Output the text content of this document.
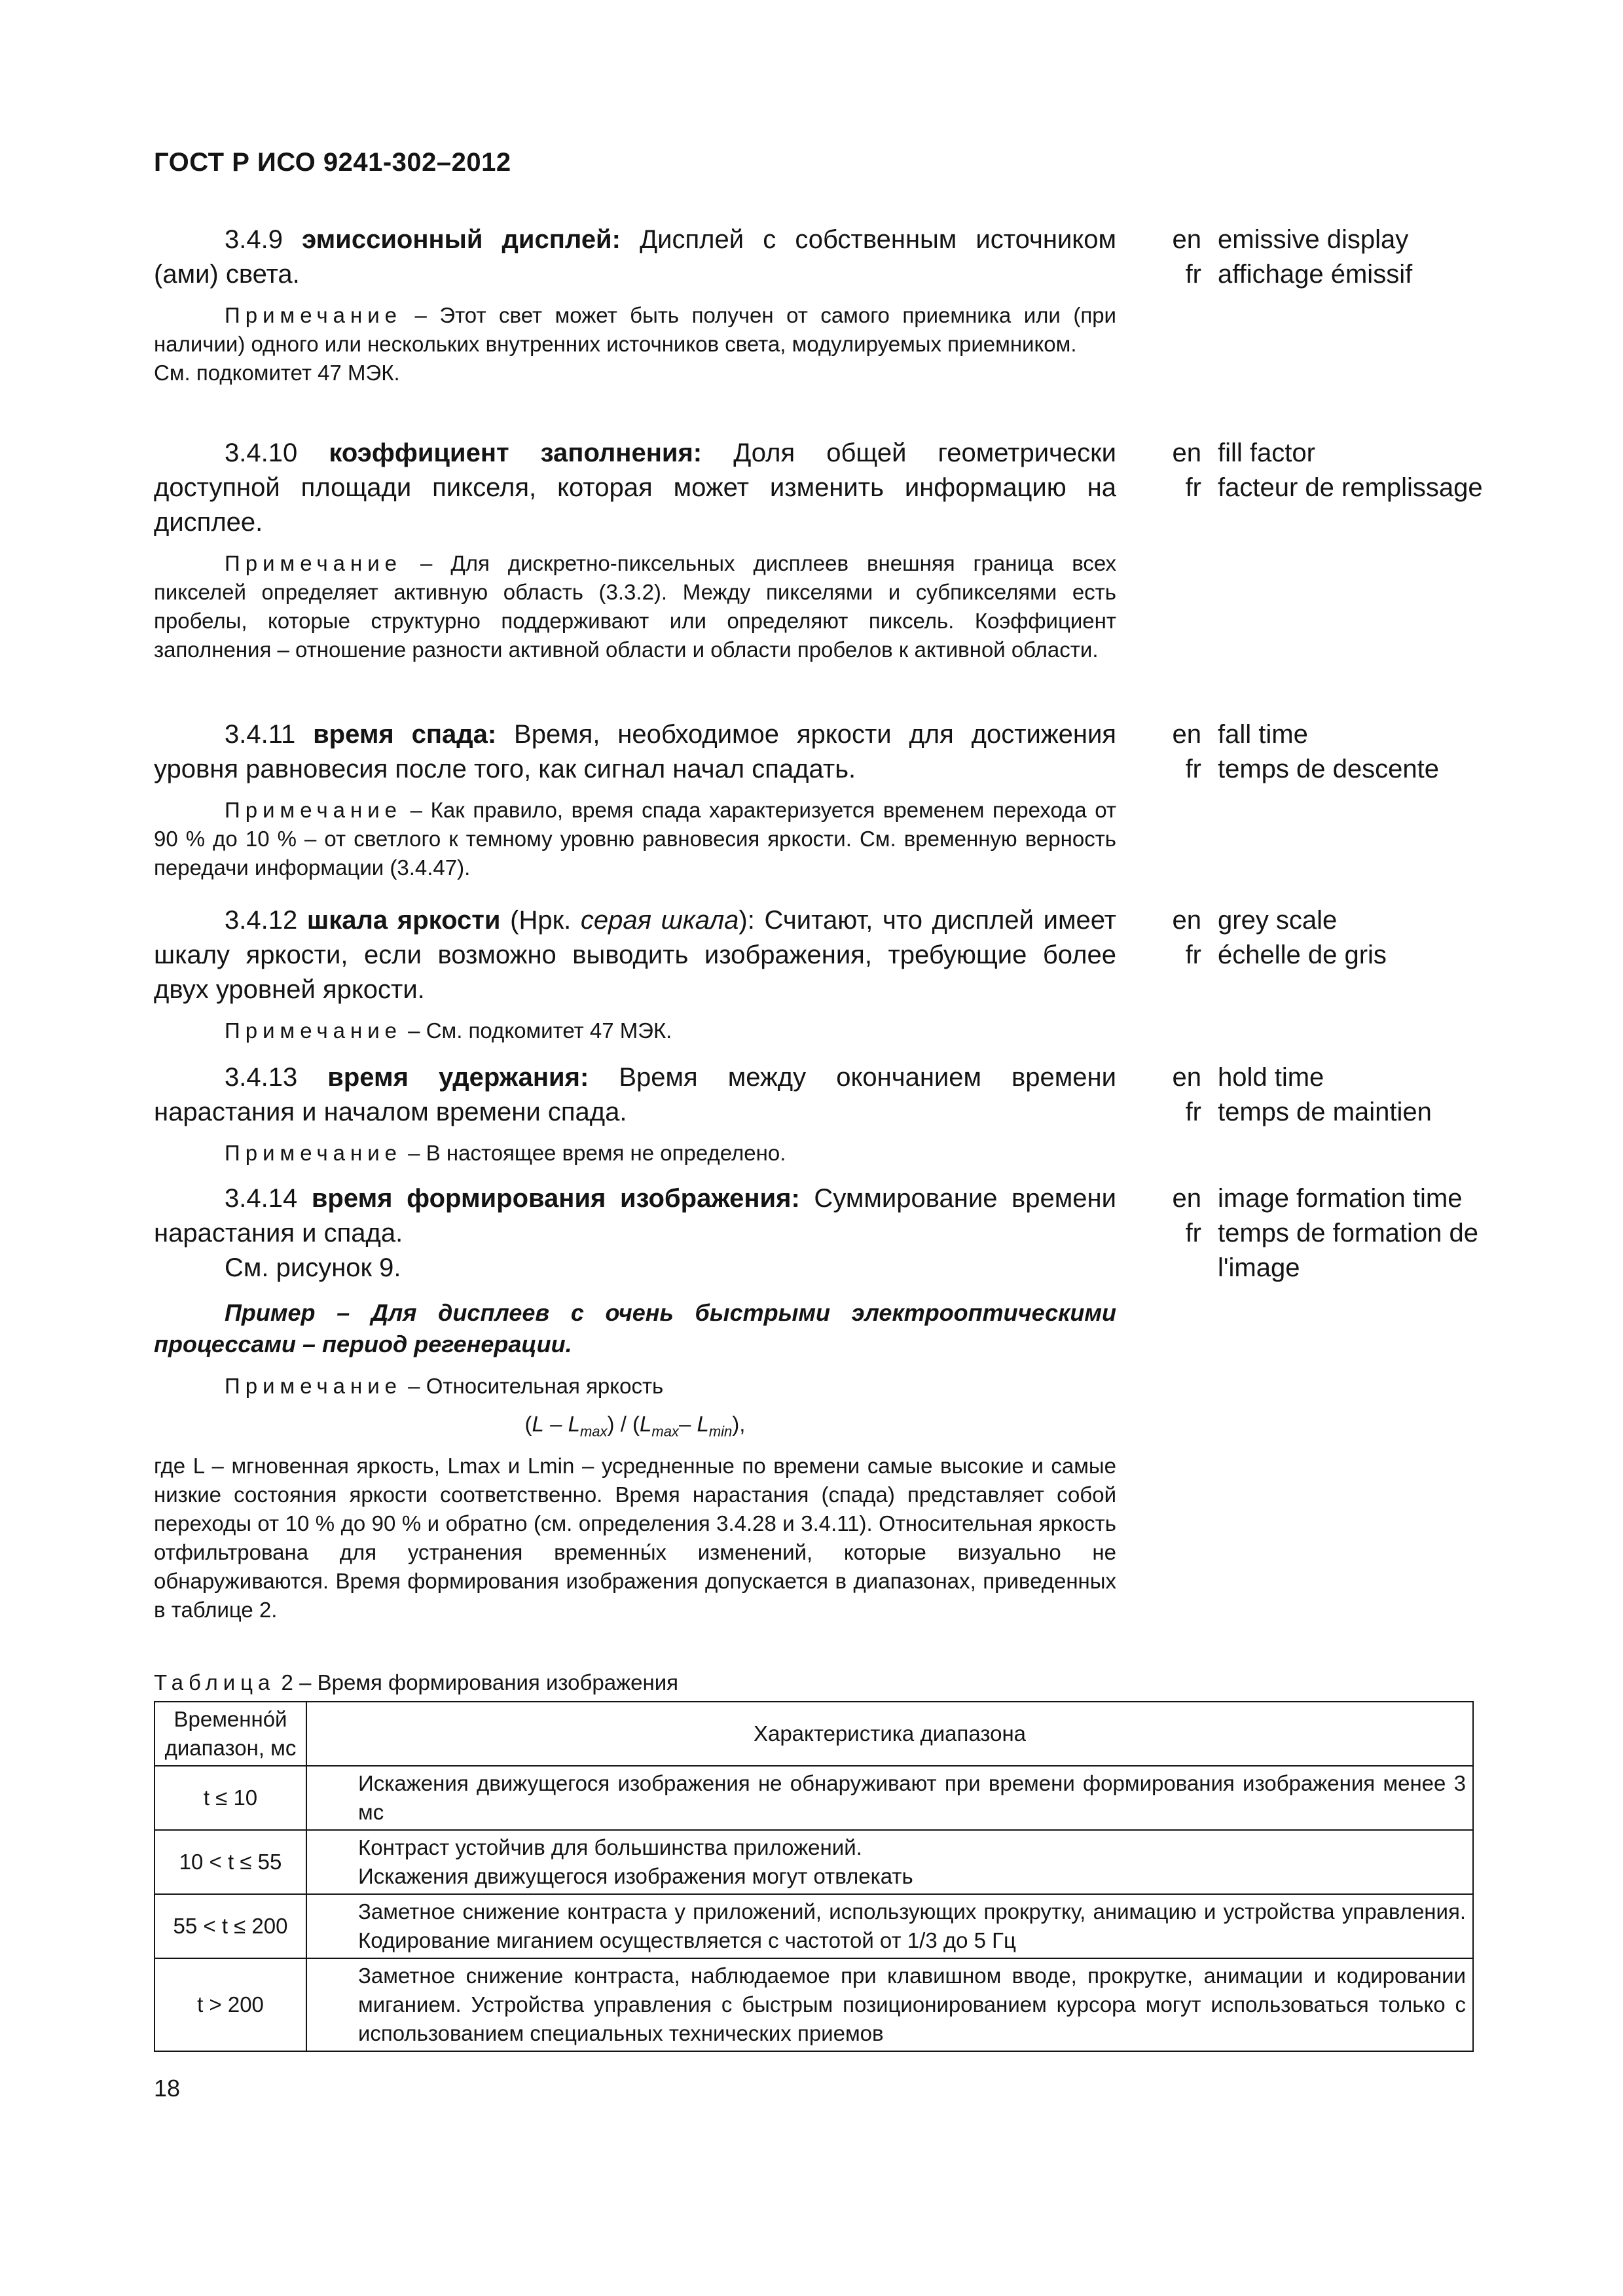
ГОСТ Р ИСО 9241-302–2012

3.4.9 эмиссионный дисплей: Дисплей с собственным источником (ами) света.

Примечание – Этот свет может быть получен от самого приемника или (при наличии) одного или нескольких внутренних источников света, модулируемых приемником.

См. подкомитет 47 МЭК.

en emissive display
fr affichage émissif

3.4.10 коэффициент заполнения: Доля общей геометрически доступной площади пикселя, которая может изменить информацию на дисплее.

Примечание – Для дискретно-пиксельных дисплеев внешняя граница всех пикселей определяет активную область (3.3.2). Между пикселями и субпикселями есть пробелы, которые структурно поддерживают или определяют пиксель. Коэффициент заполнения – отношение разности активной области и области пробелов к активной области.

en fill factor
fr facteur de remplissage

3.4.11 время спада: Время, необходимое яркости для достижения уровня равновесия после того, как сигнал начал спадать.

Примечание – Как правило, время спада характеризуется временем перехода от 90 % до 10 % – от светлого к темному уровню равновесия яркости. См. временную верность передачи информации (3.4.47).

en fall time
fr temps de descente

3.4.12 шкала яркости (Нрк. серая шкала): Считают, что дисплей имеет шкалу яркости, если возможно выводить изображения, требующие более двух уровней яркости.

Примечание – См. подкомитет 47 МЭК.

en grey scale
fr échelle de gris

3.4.13 время удержания: Время между окончанием времени нарастания и началом времени спада.

Примечание – В настоящее время не определено.

en hold time
fr temps de maintien

3.4.14 время формирования изображения: Суммирование времени нарастания и спада.

См. рисунок 9.

Пример – Для дисплеев с очень быстрыми электрооптическими процессами – период регенерации.

Примечание – Относительная яркость

$(L - L_{max}) / (L_{max}-$ $L_{min}$),

где L – мгновенная яркость, Lmax и Lmin – усредненные по времени самые высокие и самые низкие состояния яркости соответственно. Время нарастания (спада) представляет собой переходы от 10 % до 90 % и обратно (см. определения 3.4.28 и 3.4.11). Относительная яркость отфильтрована для устранения временны́х изменений, которые визуально не обнаруживаются. Время формирования изображения допускается в диапазонах, приведенных в таблице 2.

en image formation time
fr temps de formation de l'image
Таблица 2 – Время формирования изображения
Временно́й диапазон, мс	Характеристика диапазона
t ≤ 10	Искажения движущегося изображения не обнаруживают при времени формирования изображения менее 3 мс

10 < t ≤ 55	Контраст устойчив для большинства приложений.
Искажения движущегося изображения могут отвлекать

55 < t ≤ 200	Заметное снижение контраста у приложений, использующих прокрутку, анимацию и устройства управления. Кодирование миганием осуществляется с частотой от 1/3 до 5 Гц

t > 200	Заметное снижение контраста, наблюдаемое при клавишном вводе, прокрутке, анимации и кодировании миганием. Устройства управления с быстрым позиционированием курсора могут использоваться только с использованием специальных технических приемов
18
